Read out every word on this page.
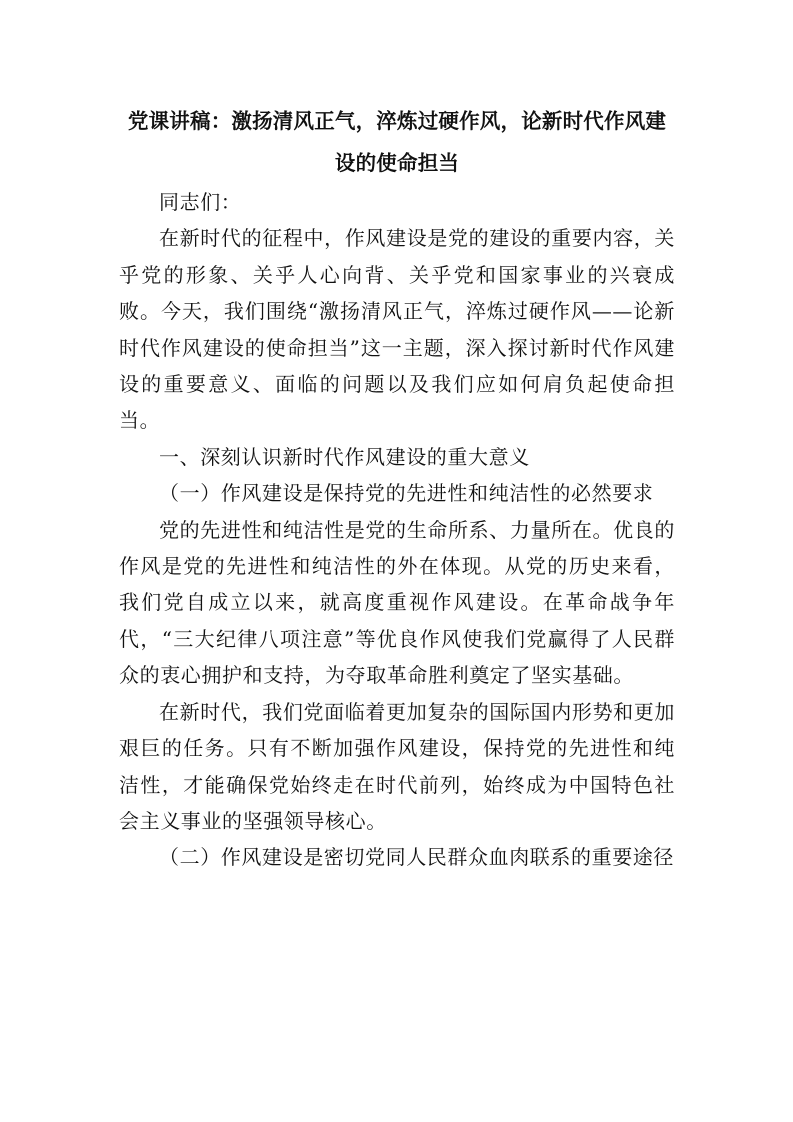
党课讲稿：激扬清风正气，淬炼过硬作风，论新时代作风建设的使命担当

同志们：

在新时代的征程中，作风建设是党的建设的重要内容，关乎党的形象、关乎人心向背、关乎党和国家事业的兴衰成败。今天，我们围绕“激扬清风正气，淬炼过硬作风——论新时代作风建设的使命担当”这一主题，深入探讨新时代作风建设的重要意义、面临的问题以及我们应如何肩负起使命担当。

一、深刻认识新时代作风建设的重大意义

（一）作风建设是保持党的先进性和纯洁性的必然要求

党的先进性和纯洁性是党的生命所系、力量所在。优良的作风是党的先进性和纯洁性的外在体现。从党的历史来看，我们党自成立以来，就高度重视作风建设。在革命战争年代，“三大纪律八项注意”等优良作风使我们党赢得了人民群众的衷心拥护和支持，为夺取革命胜利奠定了坚实基础。

在新时代，我们党面临着更加复杂的国际国内形势和更加艰巨的任务。只有不断加强作风建设，保持党的先进性和纯洁性，才能确保党始终走在时代前列，始终成为中国特色社会主义事业的坚强领导核心。

（二）作风建设是密切党同人民群众血肉联系的重要途径
